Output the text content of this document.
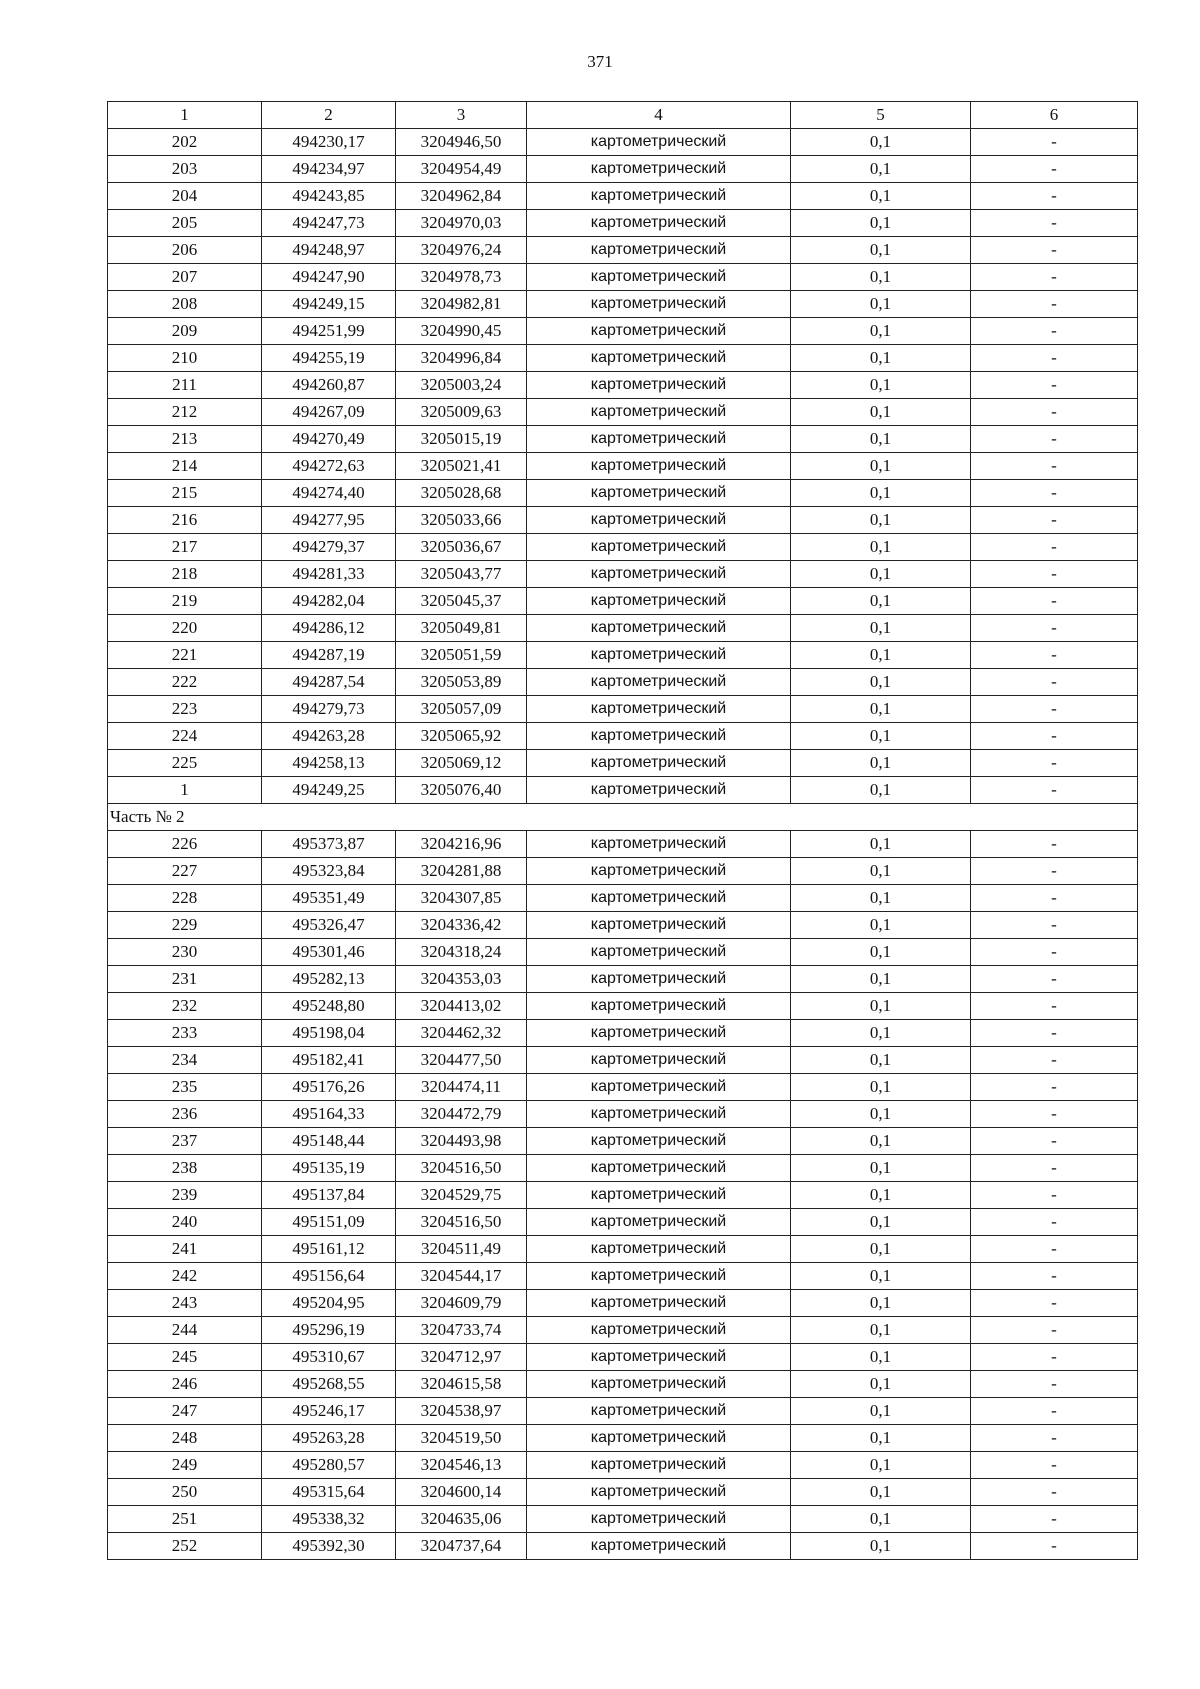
371
1	2	3	4	5	6
202	494230,17	3204946,50	картометрический	0,1	-
203	494234,97	3204954,49	картометрический	0,1	-
204	494243,85	3204962,84	картометрический	0,1	-
205	494247,73	3204970,03	картометрический	0,1	-
206	494248,97	3204976,24	картометрический	0,1	-
207	494247,90	3204978,73	картометрический	0,1	-
208	494249,15	3204982,81	картометрический	0,1	-
209	494251,99	3204990,45	картометрический	0,1	-
210	494255,19	3204996,84	картометрический	0,1	-
211	494260,87	3205003,24	картометрический	0,1	-
212	494267,09	3205009,63	картометрический	0,1	-
213	494270,49	3205015,19	картометрический	0,1	-
214	494272,63	3205021,41	картометрический	0,1	-
215	494274,40	3205028,68	картометрический	0,1	-
216	494277,95	3205033,66	картометрический	0,1	-
217	494279,37	3205036,67	картометрический	0,1	-
218	494281,33	3205043,77	картометрический	0,1	-
219	494282,04	3205045,37	картометрический	0,1	-
220	494286,12	3205049,81	картометрический	0,1	-
221	494287,19	3205051,59	картометрический	0,1	-
222	494287,54	3205053,89	картометрический	0,1	-
223	494279,73	3205057,09	картометрический	0,1	-
224	494263,28	3205065,92	картометрический	0,1	-
225	494258,13	3205069,12	картометрический	0,1	-
1	494249,25	3205076,40	картометрический	0,1	-
Часть № 2					
226	495373,87	3204216,96	картометрический	0,1	-
227	495323,84	3204281,88	картометрический	0,1	-
228	495351,49	3204307,85	картометрический	0,1	-
229	495326,47	3204336,42	картометрический	0,1	-
230	495301,46	3204318,24	картометрический	0,1	-
231	495282,13	3204353,03	картометрический	0,1	-
232	495248,80	3204413,02	картометрический	0,1	-
233	495198,04	3204462,32	картометрический	0,1	-
234	495182,41	3204477,50	картометрический	0,1	-
235	495176,26	3204474,11	картометрический	0,1	-
236	495164,33	3204472,79	картометрический	0,1	-
237	495148,44	3204493,98	картометрический	0,1	-
238	495135,19	3204516,50	картометрический	0,1	-
239	495137,84	3204529,75	картометрический	0,1	-
240	495151,09	3204516,50	картометрический	0,1	-
241	495161,12	3204511,49	картометрический	0,1	-
242	495156,64	3204544,17	картометрический	0,1	-
243	495204,95	3204609,79	картометрический	0,1	-
244	495296,19	3204733,74	картометрический	0,1	-
245	495310,67	3204712,97	картометрический	0,1	-
246	495268,55	3204615,58	картометрический	0,1	-
247	495246,17	3204538,97	картометрический	0,1	-
248	495263,28	3204519,50	картометрический	0,1	-
249	495280,57	3204546,13	картометрический	0,1	-
250	495315,64	3204600,14	картометрический	0,1	-
251	495338,32	3204635,06	картометрический	0,1	-
252	495392,30	3204737,64	картометрический	0,1	-
